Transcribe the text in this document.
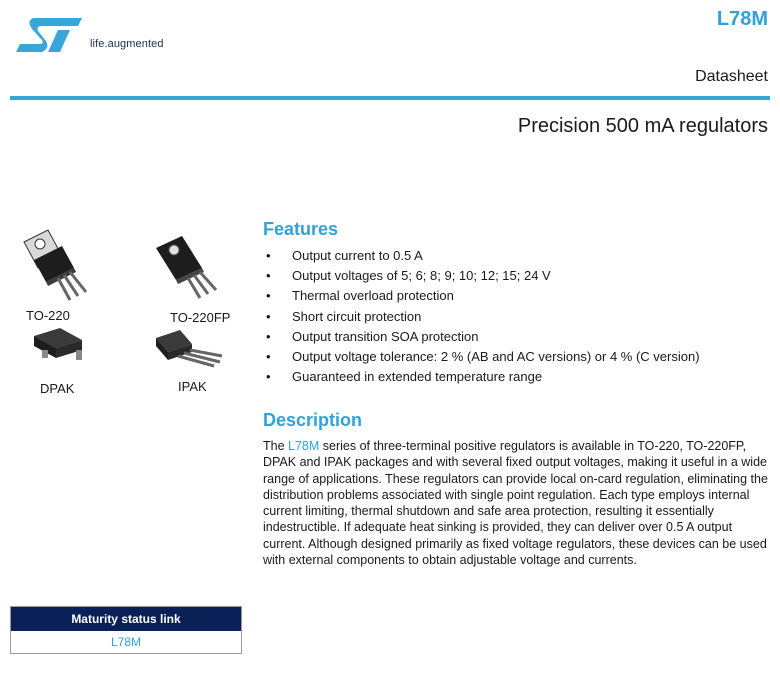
life.augmented
L78M
Datasheet
Precision 500 mA regulators
TO-220	TO-220FP
DPAK	IPAK
Features
• Output current to 0.5 A
• Output voltages of 5; 6; 8; 9; 10; 12; 15; 24 V
• Thermal overload protection
• Short circuit protection
• Output transition SOA protection
• Output voltage tolerance: 2 % (AB and AC versions) or 4 % (C version)
• Guaranteed in extended temperature range
Description

The L78M series of three-terminal positive regulators is available in TO-220, TO-220FP, DPAK and IPAK packages and with several fixed output voltages, making it useful in a wide range of applications. These regulators can provide local on-card regulation, eliminating the distribution problems associated with single point regulation. Each type employs internal current limiting, thermal shutdown and safe area protection, resulting it essentially indestructible. If adequate heat sinking is provided, they can deliver over 0.5 A output current. Although designed primarily as fixed voltage regulators, these devices can be used with external components to obtain adjustable voltage and currents.

Maturity status link
L78M
